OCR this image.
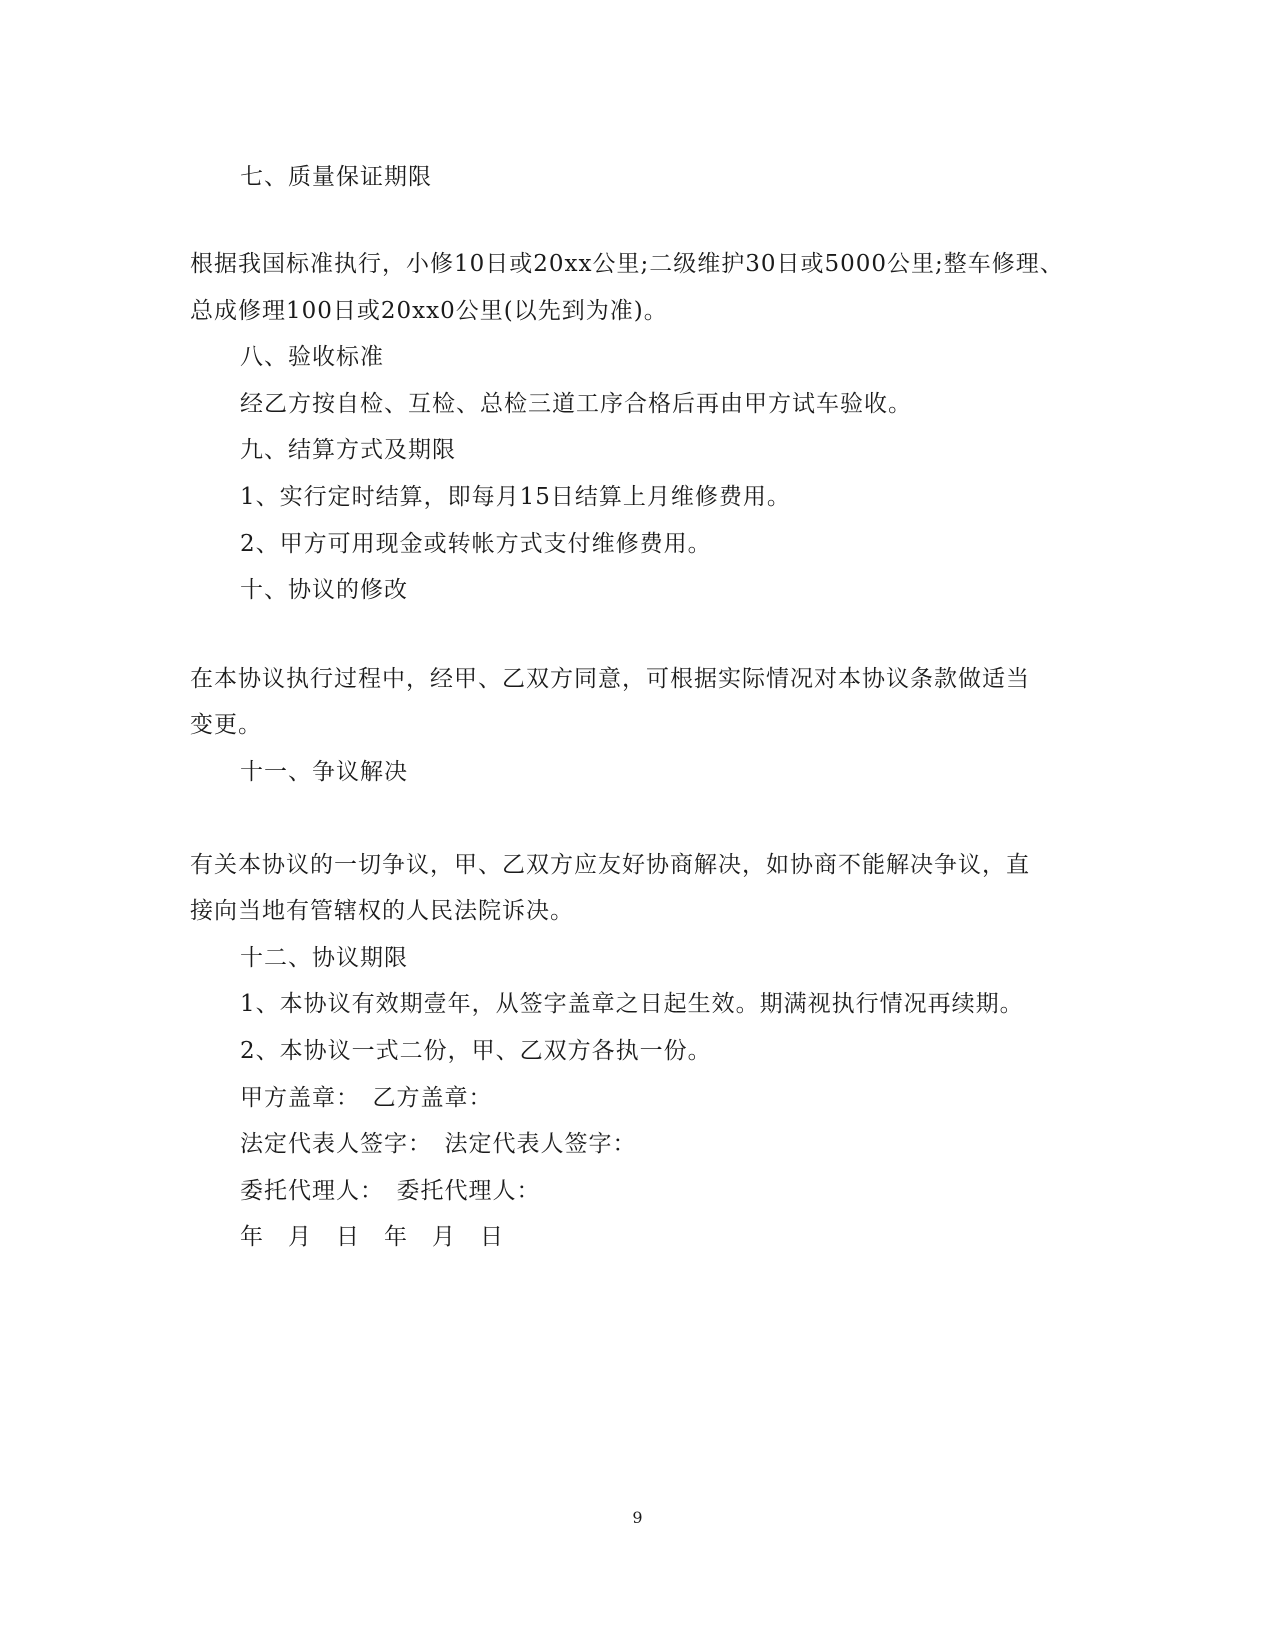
七、质量保证期限
根据我国标准执行，小修10日或20xx公里;二级维护30日或5000公里;整车修理、
总成修理100日或20xx0公里(以先到为准)。
八、验收标准
经乙方按自检、互检、总检三道工序合格后再由甲方试车验收。
九、结算方式及期限
1、实行定时结算，即每月15日结算上月维修费用。
2、甲方可用现金或转帐方式支付维修费用。
十、协议的修改
在本协议执行过程中，经甲、乙双方同意，可根据实际情况对本协议条款做适当
变更。
十一、争议解决
有关本协议的一切争议，甲、乙双方应友好协商解决，如协商不能解决争议，直
接向当地有管辖权的人民法院诉决。
十二、协议期限
1、本协议有效期壹年，从签字盖章之日起生效。期满视执行情况再续期。
2、本协议一式二份，甲、乙双方各执一份。
甲方盖章：　乙方盖章：
法定代表人签字：　法定代表人签字：
委托代理人：　委托代理人：
年　月　日　年　月　日
9
